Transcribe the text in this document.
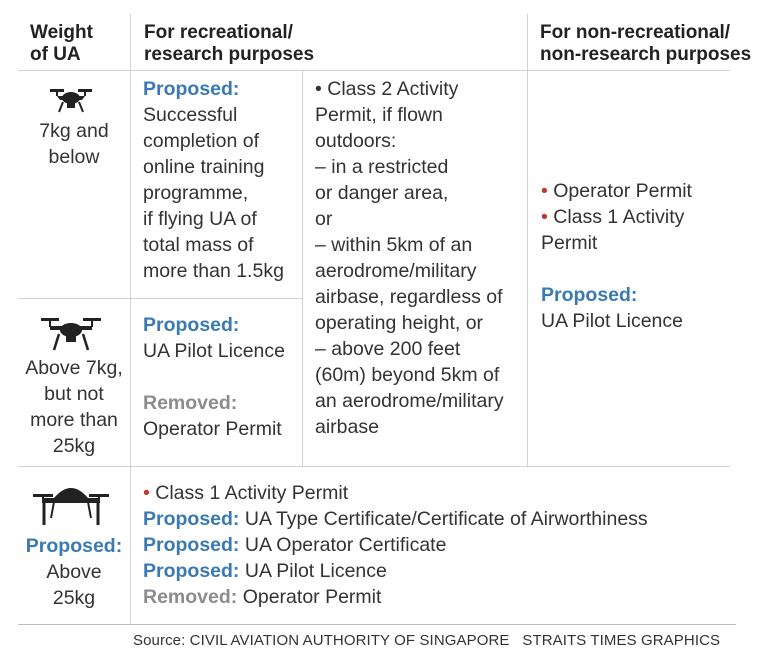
Weight
of UA
For recreational/
research purposes
For non-recreational/
non-research purposes
7kg and
below
Proposed:
Successful
completion of
online training
programme,
if flying UA of
total mass of
more than 1.5kg
Above 7kg,
but not
more than
25kg
Proposed:
UA Pilot Licence

Removed:
Operator Permit
• Class 2 Activity
Permit, if flown
outdoors:
– in a restricted
or danger area,
or
– within 5km of an
aerodrome/military
airbase, regardless of
operating height, or
– above 200 feet
(60m) beyond 5km of
an aerodrome/military
airbase
• Operator Permit
• Class 1 Activity
Permit

Proposed:
UA Pilot Licence
Proposed:
Above
25kg
• Class 1 Activity Permit
Proposed: UA Type Certificate/Certificate of Airworthiness
Proposed: UA Operator Certificate
Proposed: UA Pilot Licence
Removed: Operator Permit
Source: CIVIL AVIATION AUTHORITY OF SINGAPORE   STRAITS TIMES GRAPHICS
